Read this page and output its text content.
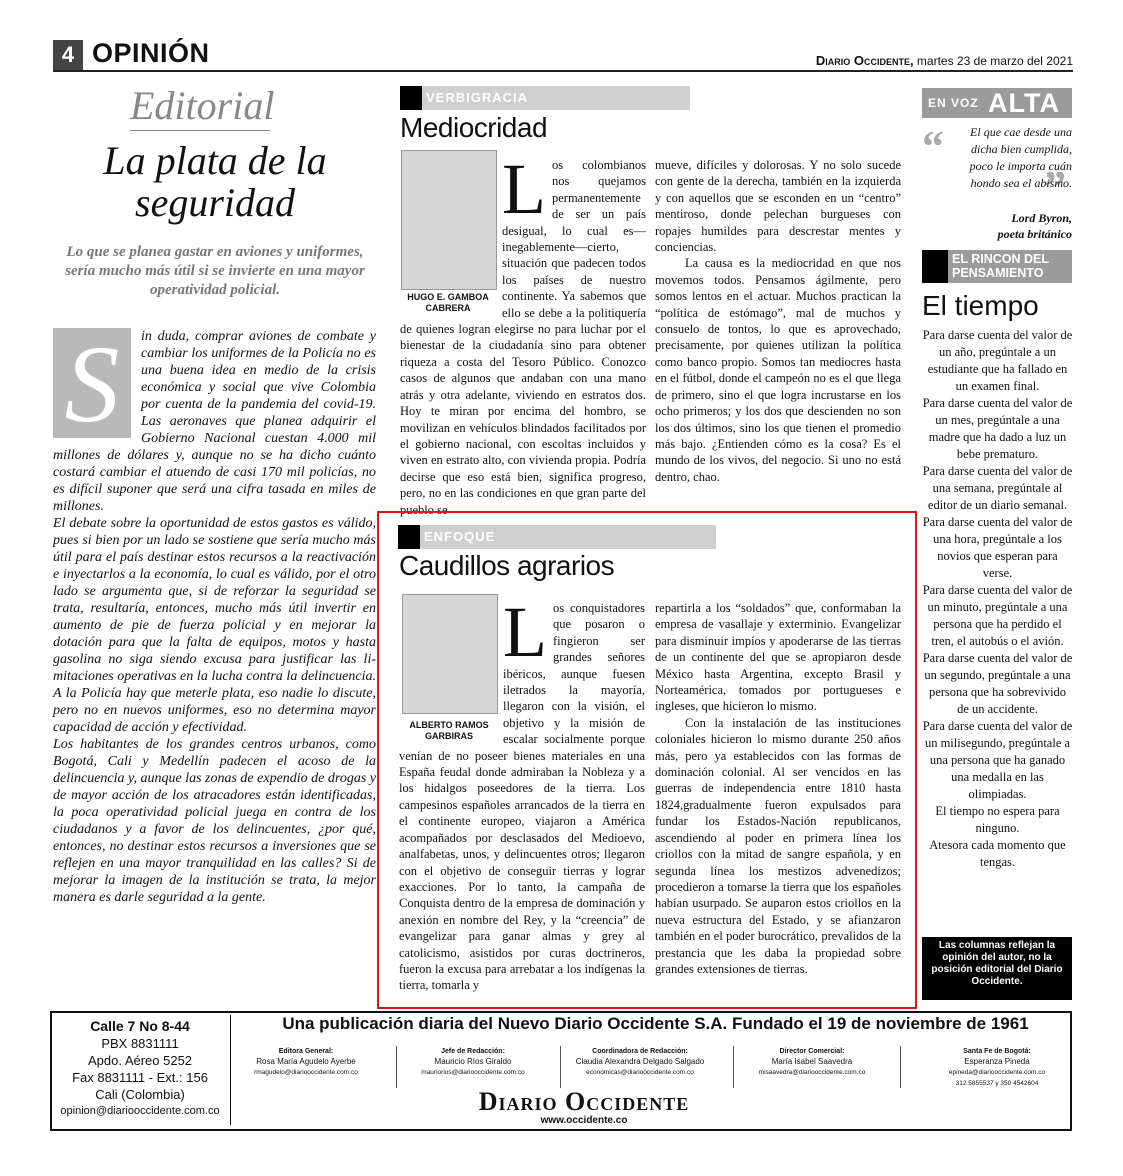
4 OPINIÓN	Diario Occidente, martes 23 de marzo del 2021
Editorial
La plata de la seguridad
Lo que se planea gastar en aviones y uniformes, sería mucho más útil si se invierte en una mayor operatividad policial.
S	in duda, comprar aviones de combate y cambiar los uniformes de la Policía no es una buena idea en medio de la crisis económica y social que vive Colombia por cuenta de la pandemia del covid-19. Las aeronaves que planea adquirir el Gobierno Nacional cuestan 4.000 mil millones de dólares y, aunque no se ha dicho cuánto costará cambiar el atuendo de casi 170 mil policías, no es difícil suponer que será una cifra tasada en miles de millones.

El debate sobre la oportunidad de estos gastos es válido, pues si bien por un lado se sostiene que sería mucho más útil para el país destinar estos recursos a la reactivación e inyectarlos a la economía, lo cual es válido, por el otro lado se argumenta que, si de reforzar la seguridad se trata, resultaría, entonces, mucho más útil invertir en aumento de pie de fuerza policial y en mejorar la dotación para que la falta de equipos, motos y hasta gasolina no siga siendo excusa para justificar las li-mitaciones operativas en la lucha contra la delincuencia. A la Policía hay que meterle plata, eso nadie lo discute, pero no en nuevos uniformes, eso no determina mayor capacidad de acción y efectividad.

Los habitantes de los grandes centros urbanos, como Bogotá, Cali y Medellín padecen el acoso de la delincuencia y, aunque las zonas de expendio de drogas y de mayor acción de los atracadores están identificadas, la poca operatividad policial juega en contra de los ciudadanos y a favor de los delincuentes, ¿por qué, entonces, no destinar estos recursos a inversiones que se reflejen en una mayor tranquilidad en las calles? Si de mejorar la imagen de la institución se trata, la mejor manera es darle seguridad a la gente.

VERBIGRACIA
Mediocridad
HUGO E. GAMBOA CABRERA
L os colombianos nos quejamos permanentemente de ser un país desigual, lo cual es—inegablemente—cierto, situación que padecen todos los países de nuestro continente. Ya sabemos que ello se debe a la politiquería de quienes logran elegirse no para luchar por el bienestar de la ciudadanía sino para obtener riqueza a costa del Tesoro Público. Conozco casos de algunos que andaban con una mano atrás y otra adelante, viviendo en estratos dos. Hoy te miran por encima del hombro, se movilizan en vehículos blindados facilitados por el gobierno nacional, con escoltas incluidos y viven en estrato alto, con vivienda propia. Podría decirse que eso está bien, significa progreso, pero, no en las condiciones en que gran parte del pueblo se

mueve, difíciles y dolorosas. Y no solo sucede con gente de la derecha, también en la izquierda y con aquellos que se esconden en un “centro” mentiroso, donde pelechan burgueses con ropajes humildes para descrestar mentes y conciencias.

La causa es la mediocridad en que nos movemos todos. Pensamos ágilmente, pero somos lentos en el actuar. Muchos practican la “política de estómago”, mal de muchos y consuelo de tontos, lo que es aprovechado, precisamente, por quienes utilizan la política como banco propio. Somos tan mediocres hasta en el fútbol, donde el campeón no es el que llega de primero, sino el que logra incrustarse en los ocho primeros; y los dos que descienden no son los dos últimos, sino los que tienen el promedio más bajo. ¿Entienden cómo es la cosa? Es el mundo de los vivos, del negocio. Si uno no está dentro, chao.

ENFOQUE
Caudillos agrarios
ALBERTO RAMOS GARBIRAS
L os conquistadores que posaron o fingieron ser grandes señores ibéricos, aunque fuesen iletrados la mayoría, llegaron con la visión, el objetivo y la misión de escalar socialmente porque venían de no poseer bienes materiales en una España feudal donde admiraban la Nobleza y a los hidalgos poseedores de la tierra. Los campesinos españoles arrancados de la tierra en el continente europeo, viajaron a América acompañados por desclasados del Medioevo, analfabetas, unos, y delincuentes otros; llegaron con el objetivo de conseguir tierras y lograr exacciones. Por lo tanto, la campaña de Conquista dentro de la empresa de dominación y anexión en nombre del Rey, y la “creencia” de evangelizar para ganar almas y grey al catolicismo, asistidos por curas doctrineros, fueron la excusa para arrebatar a los indígenas la tierra, tomarla y

repartirla a los “soldados” que, conformaban la empresa de vasallaje y exterminio. Evangelizar para disminuir impíos y apoderarse de las tierras de un continente del que se apropiaron desde México hasta Argentina, excepto Brasil y Norteamérica, tomados por portugueses e ingleses, que hicieron lo mismo.

Con la instalación de las instituciones coloniales hicieron lo mismo durante 250 años más, pero ya establecidos con las formas de dominación colonial. Al ser vencidos en las guerras de independencia entre 1810 hasta 1824,gradualmente fueron expulsados para fundar los Estados-Nación republicanos, ascendiendo al poder en primera línea los criollos con la mitad de sangre española, y en segunda línea los mestizos advenedizos; procedieron a tomarse la tierra que los españoles habían usurpado. Se auparon estos criollos en la nueva estructura del Estado, y se afianzaron también en el poder burocrático, prevalidos de la prestancia que les daba la propiedad sobre grandes extensiones de tierras.

EN VOZ ALTA
“
”
El que cae desde una dicha bien cumplida, poco le importa cuán hondo sea el abismo.
Lord Byron,
poeta británico
EL RINCON DEL PENSAMIENTO
El tiempo

Para darse cuenta del valor de un año, pregúntale a un estudiante que ha fallado en un examen final.

Para darse cuenta del valor de un mes, pregúntale a una madre que ha dado a luz un bebe prematuro.

Para darse cuenta del valor de una semana, pregúntale al editor de un diario semanal.

Para darse cuenta del valor de una hora, pregúntale a los novios que esperan para verse.

Para darse cuenta del valor de un minuto, pregúntale a una persona que ha perdido el tren, el autobús o el avión.

Para darse cuenta del valor de un segundo, pregúntale a una persona que ha sobrevivido de un accidente.

Para darse cuenta del valor de un milisegundo, pregúntale a una persona que ha ganado una medalla en las olimpiadas.

El tiempo no espera para ninguno.

Atesora cada momento que tengas.

Las columnas reflejan la opinión del autor, no la posición editorial del Diario Occidente.
Calle 7 No 8-44
PBX 8831111
Apdo. Aéreo 5252
Fax 8831111 - Ext.: 156
Cali (Colombia)
opinion@diariooccidente.com.co
Una publicación diaria del Nuevo Diario Occidente S.A. Fundado el 19 de noviembre de 1961
Editora General:
Rosa María Agudelo Ayerbe
rmagudelo@diariooccidente.com.co
Jefe de Redacción:
Mauricio Ríos Giraldo
mauriorios@diariooccidente.com.co
Coordinadora de Redacción:
Claudia Alexandra Delgado Salgado
economicas@diariooccidente.com.co
Director Comercial:
María Isabel Saavedra
misaavedra@diariooccidente.com.co
Santa Fe de Bogotá:
Esperanza Pineda
epineda@diariooccidente.com.co
312 5855537 y 350 4542604
Diario Occidente
www.occidente.co
